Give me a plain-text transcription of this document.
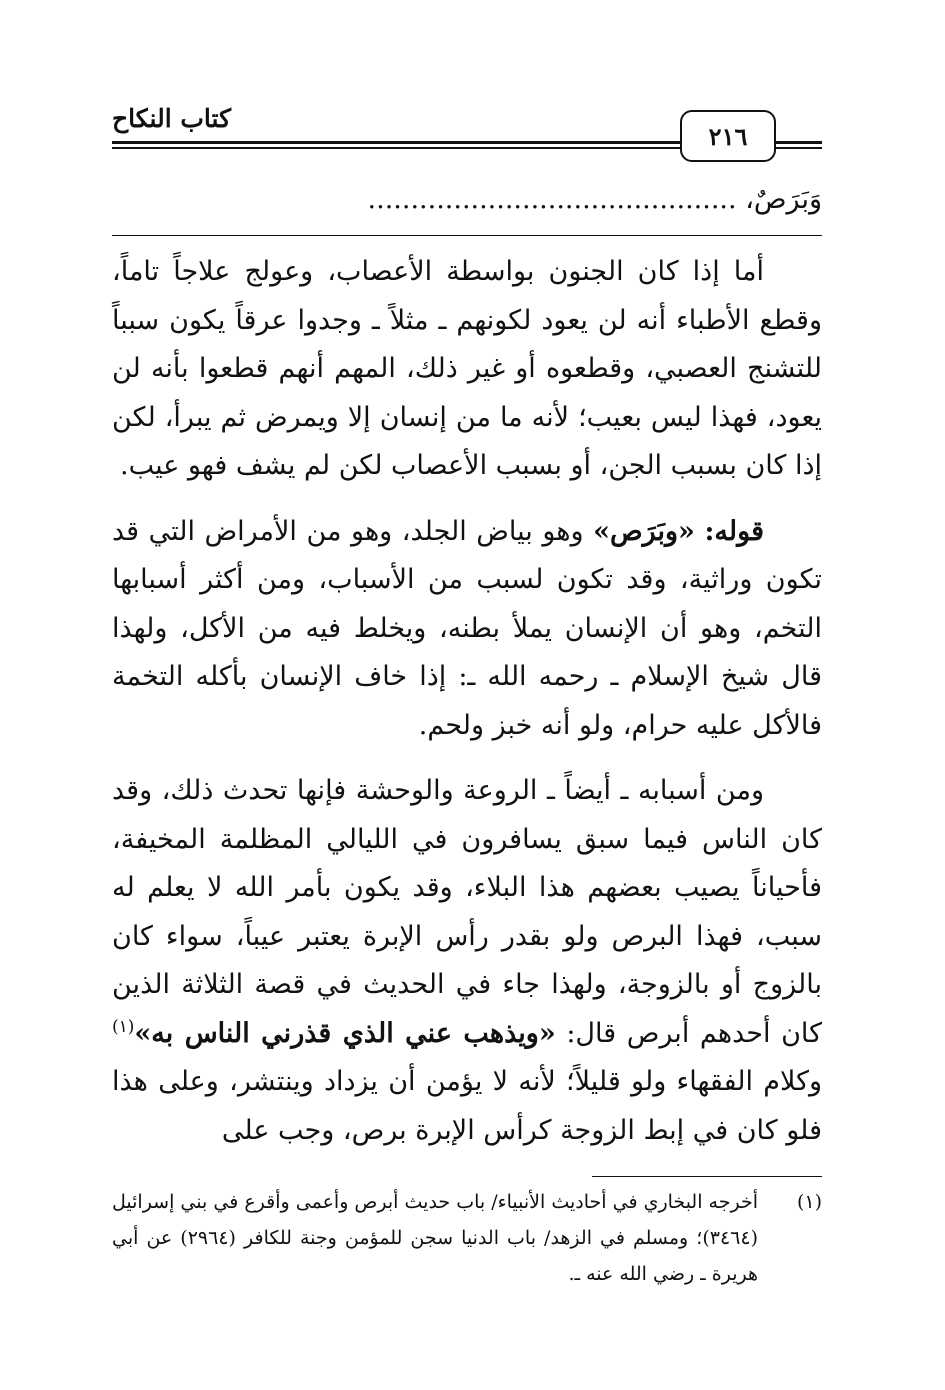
كتاب النكاح
٢١٦
وَبَرَصٌ، ...........................................

أما إذا كان الجنون بواسطة الأعصاب، وعولج علاجاً تاماً، وقطع الأطباء أنه لن يعود لكونهم ـ مثلاً ـ وجدوا عرقاً يكون سبباً للتشنج العصبي، وقطعوه أو غير ذلك، المهم أنهم قطعوا بأنه لن يعود، فهذا ليس بعيب؛ لأنه ما من إنسان إلا ويمرض ثم يبرأ، لكن إذا كان بسبب الجن، أو بسبب الأعصاب لكن لم يشف فهو عيب.

قوله: «وبَرَص» وهو بياض الجلد، وهو من الأمراض التي قد تكون وراثية، وقد تكون لسبب من الأسباب، ومن أكثر أسبابها التخم، وهو أن الإنسان يملأ بطنه، ويخلط فيه من الأكل، ولهذا قال شيخ الإسلام ـ رحمه الله ـ: إذا خاف الإنسان بأكله التخمة فالأكل عليه حرام، ولو أنه خبز ولحم.

ومن أسبابه ـ أيضاً ـ الروعة والوحشة فإنها تحدث ذلك، وقد كان الناس فيما سبق يسافرون في الليالي المظلمة المخيفة، فأحياناً يصيب بعضهم هذا البلاء، وقد يكون بأمر الله لا يعلم له سبب، فهذا البرص ولو بقدر رأس الإبرة يعتبر عيباً، سواء كان بالزوج أو بالزوجة، ولهذا جاء في الحديث في قصة الثلاثة الذين كان أحدهم أبرص قال: «ويذهب عني الذي قذرني الناس به»$^{(١)}$ وكلام الفقهاء ولو قليلاً؛ لأنه لا يؤمن أن يزداد وينتشر، وعلى هذا فلو كان في إبط الزوجة كرأس الإبرة برص، وجب على

(١)
أخرجه البخاري في أحاديث الأنبياء/ باب حديث أبرص وأعمى وأقرع في بني إسرائيل (٣٤٦٤)؛ ومسلم في الزهد/ باب الدنيا سجن للمؤمن وجنة للكافر (٢٩٦٤) عن أبي هريرة ـ رضي الله عنه ـ.
